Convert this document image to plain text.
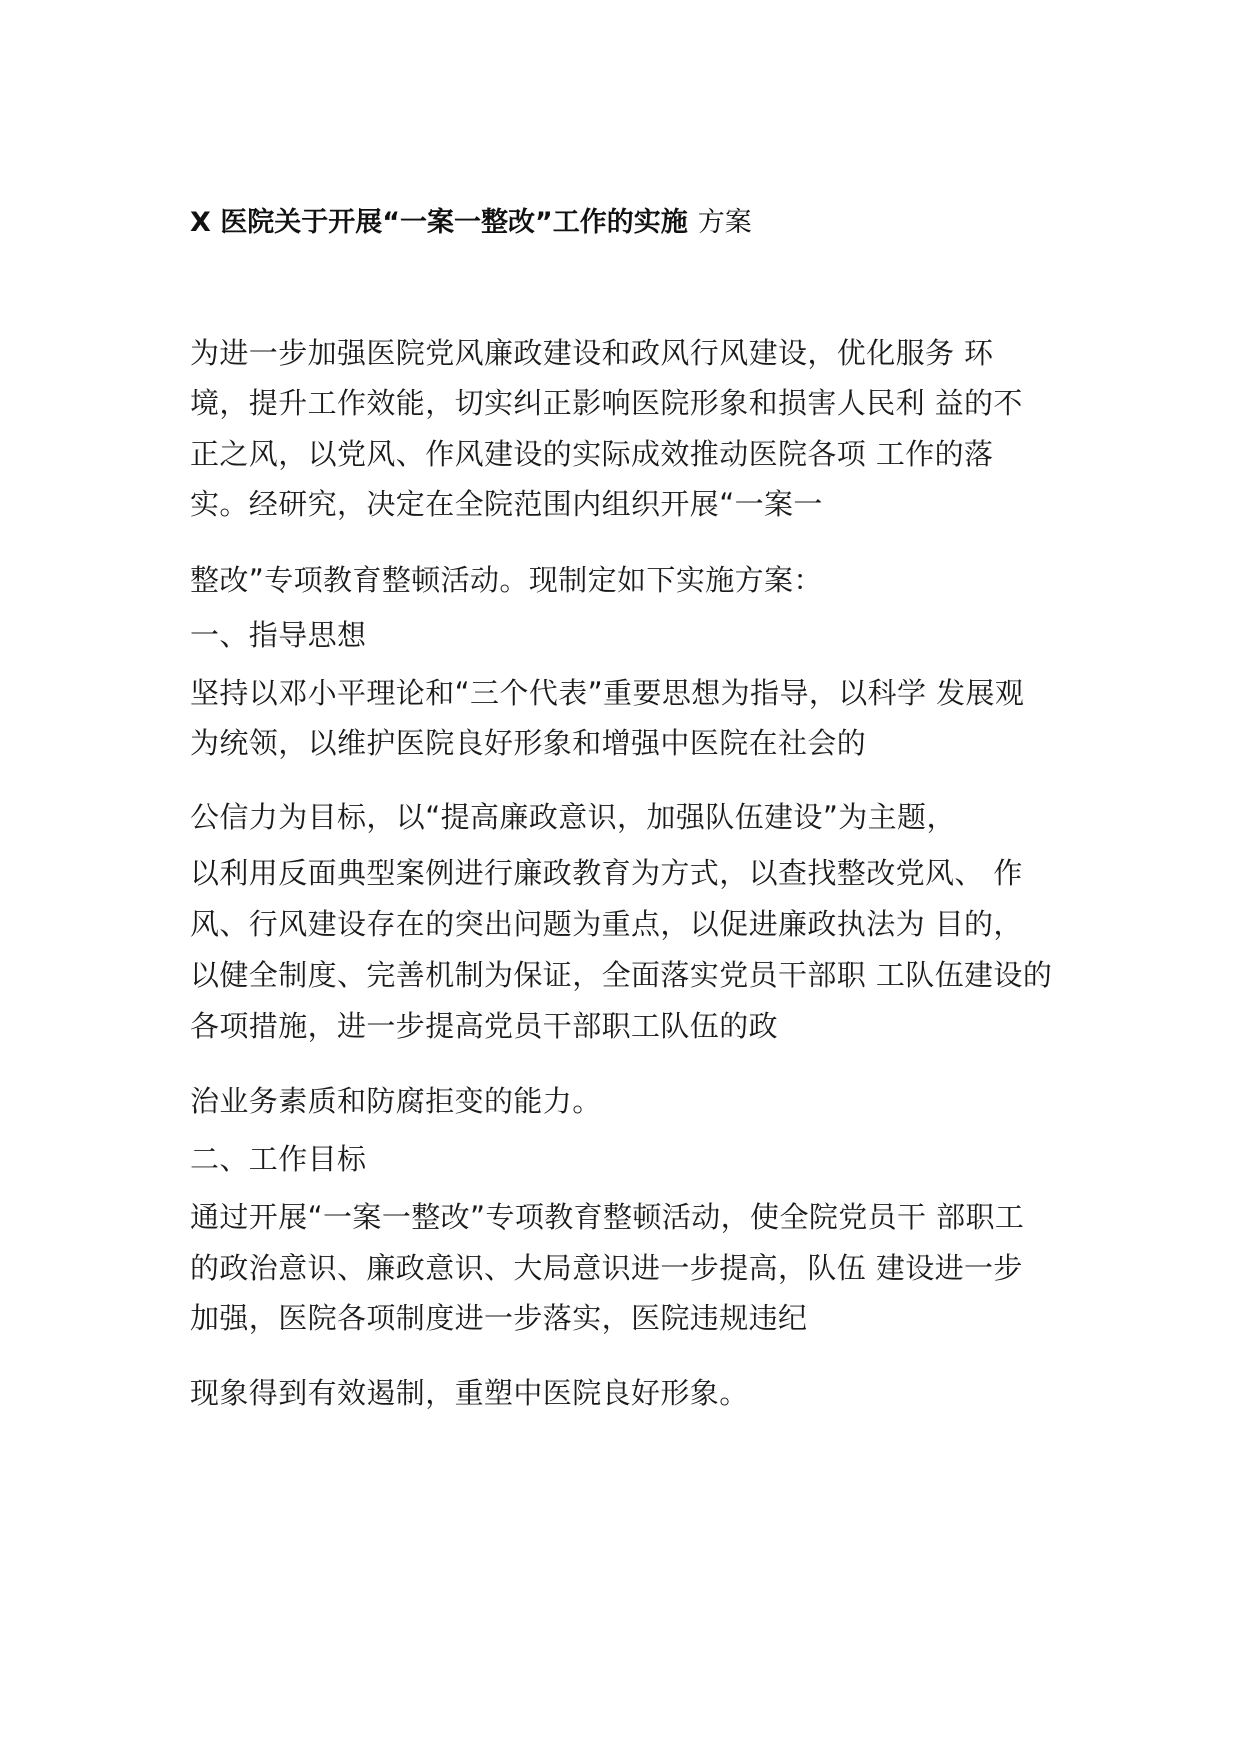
X 医院关于开展“一案一整改”工作的实施 方案
为进一步加强医院党风廉政建设和政风行风建设，优化服务 环
境，提升工作效能，切实纠正影响医院形象和损害人民利 益的不
正之风，以党风、作风建设的实际成效推动医院各项 工作的落
实。经研究，决定在全院范围内组织开展“一案一
整改”专项教育整顿活动。现制定如下实施方案：
一、指导思想
坚持以邓小平理论和“三个代表”重要思想为指导，以科学 发展观
为统领，以维护医院良好形象和增强中医院在社会的
公信力为目标，以“提高廉政意识，加强队伍建设”为主题，
以利用反面典型案例进行廉政教育为方式，以查找整改党风、 作
风、行风建设存在的突出问题为重点，以促进廉政执法为 目的，
以健全制度、完善机制为保证，全面落实党员干部职 工队伍建设的
各项措施，进一步提高党员干部职工队伍的政
治业务素质和防腐拒变的能力。
二、工作目标
通过开展“一案一整改”专项教育整顿活动，使全院党员干 部职工
的政治意识、廉政意识、大局意识进一步提高，队伍 建设进一步
加强，医院各项制度进一步落实，医院违规违纪
现象得到有效遏制，重塑中医院良好形象。
